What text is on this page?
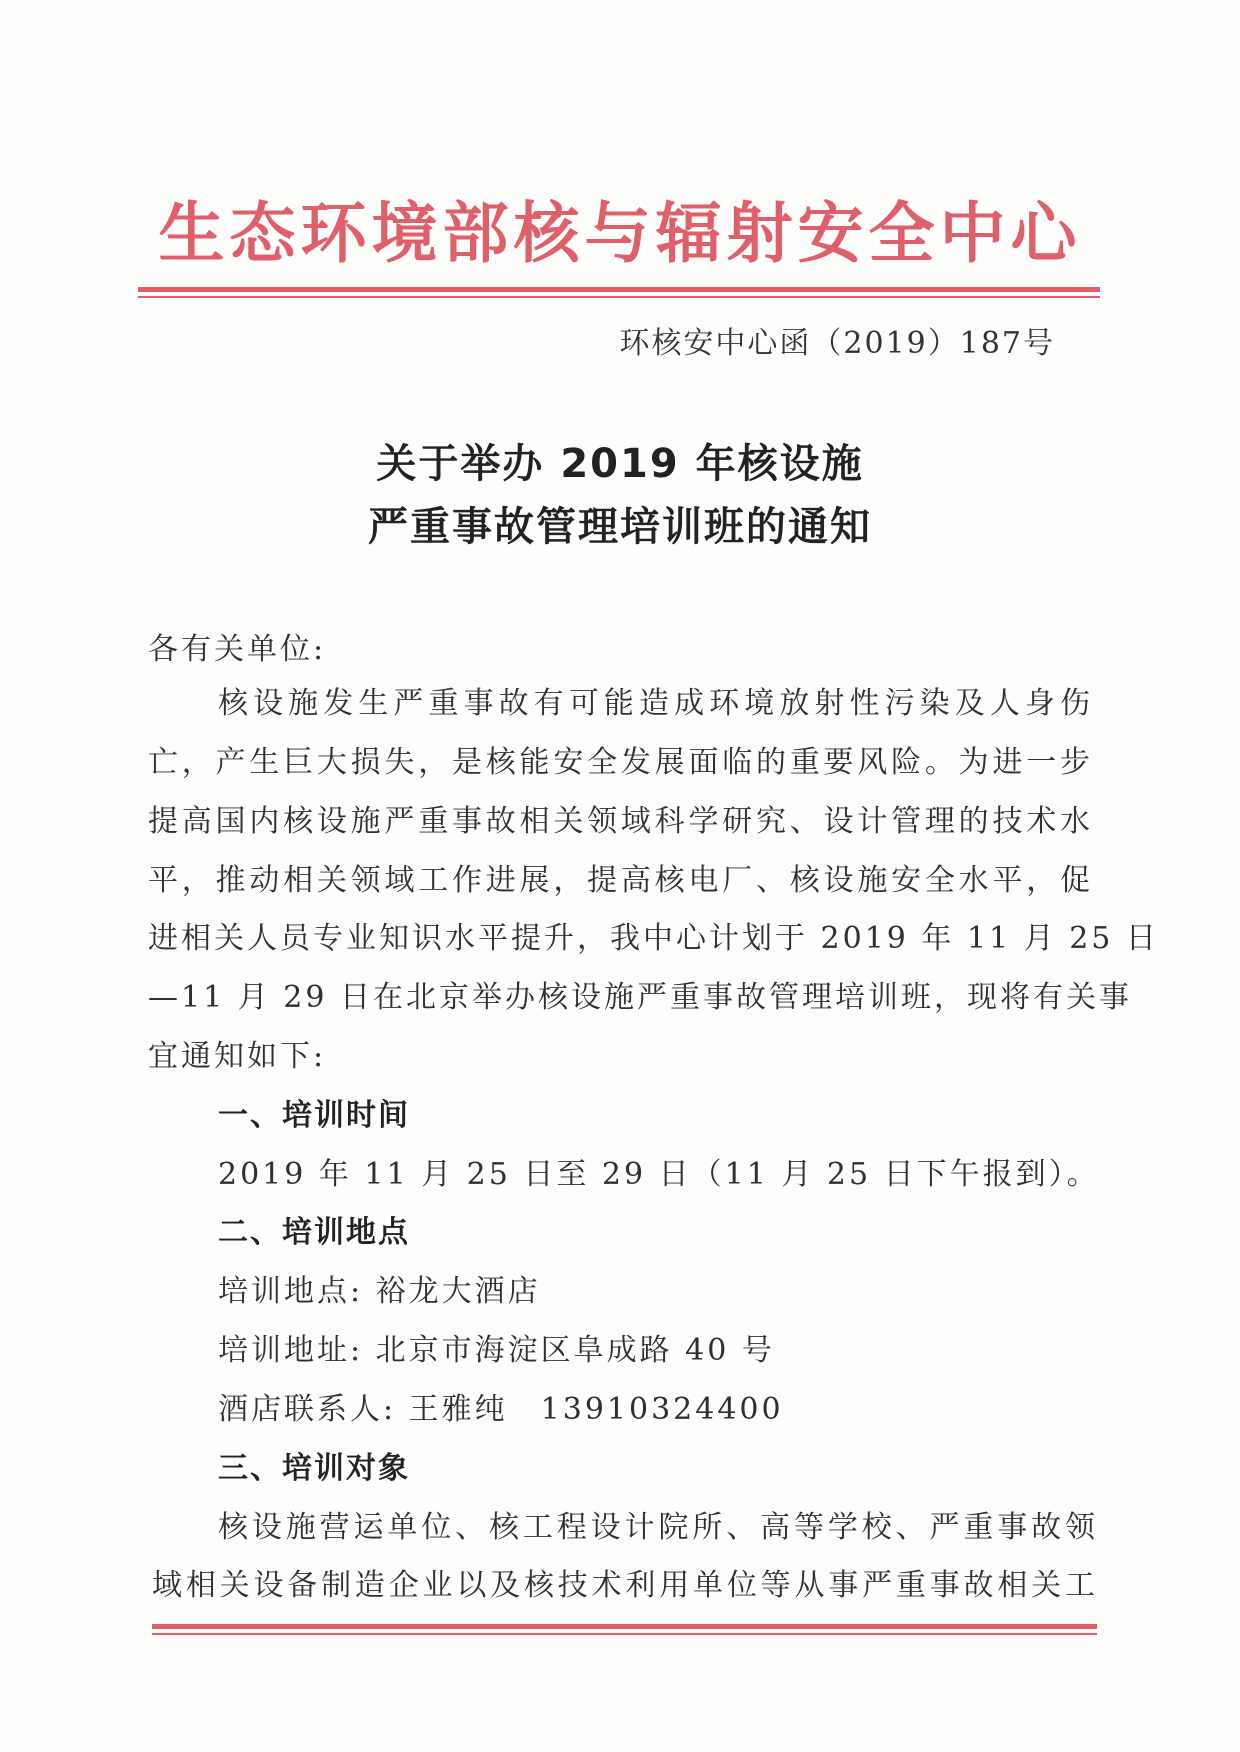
生态环境部核与辐射安全中心
环核安中心函（2019）187号
关于举办 2019 年核设施
严重事故管理培训班的通知
各有关单位:
核设施发生严重事故有可能造成环境放射性污染及人身伤
亡，产生巨大损失，是核能安全发展面临的重要风险。为进一步
提高国内核设施严重事故相关领域科学研究、设计管理的技术水
平，推动相关领域工作进展，提高核电厂、核设施安全水平，促
进相关人员专业知识水平提升，我中心计划于 2019 年 11 月 25 日
—11 月 29 日在北京举办核设施严重事故管理培训班，现将有关事
宜通知如下:
一、培训时间
2019 年 11 月 25 日至 29 日（11 月 25 日下午报到）。
二、培训地点
培训地点: 裕龙大酒店
培训地址: 北京市海淀区阜成路 40 号
酒店联系人: 王雅纯　13910324400
三、培训对象
核设施营运单位、核工程设计院所、高等学校、严重事故领
域相关设备制造企业以及核技术利用单位等从事严重事故相关工
